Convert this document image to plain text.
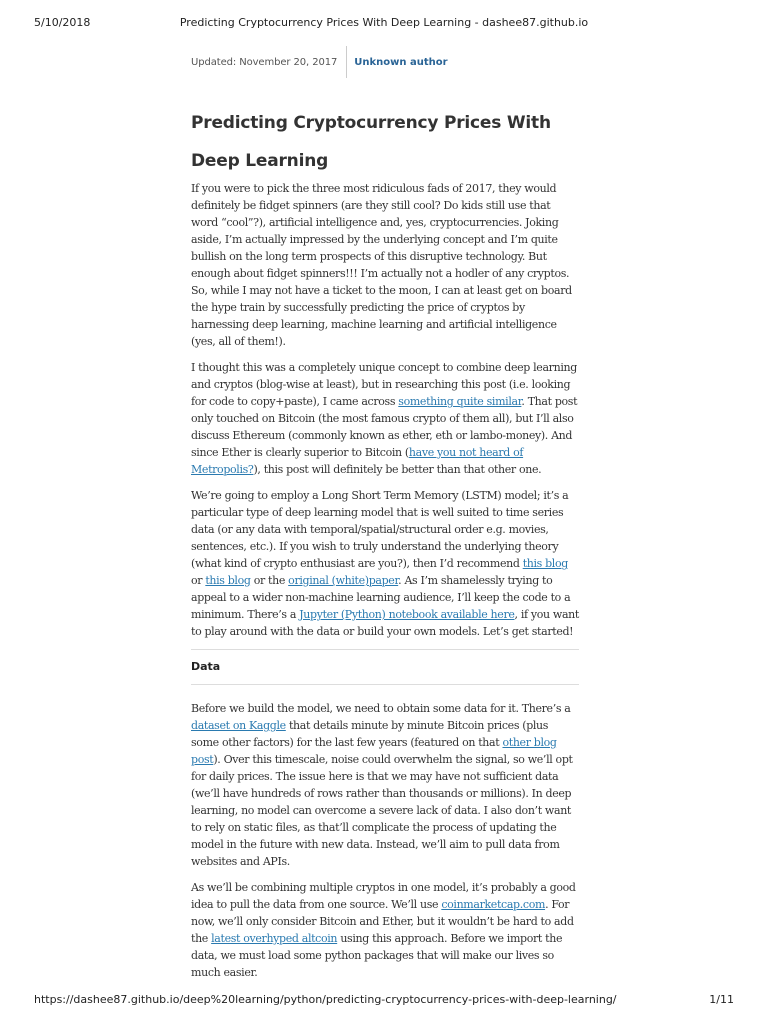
5/10/2018	Predicting Cryptocurrency Prices With Deep Learning - dashee87.github.io
Updated: November 20, 2017 Unknown author
Predicting Cryptocurrency Prices With Deep Learning

If you were to pick the three most ridiculous fads of 2017, they would definitely be fidget spinners (are they still cool? Do kids still use that word “cool”?), artificial intelligence and, yes, cryptocurrencies. Joking aside, I’m actually impressed by the underlying concept and I’m quite bullish on the long term prospects of this disruptive technology. But enough about fidget spinners!!! I’m actually not a hodler of any cryptos. So, while I may not have a ticket to the moon, I can at least get on board the hype train by successfully predicting the price of cryptos by harnessing deep learning, machine learning and artificial intelligence (yes, all of them!).

I thought this was a completely unique concept to combine deep learning and cryptos (blog-wise at least), but in researching this post (i.e. looking for code to copy+paste), I came across something quite similar. That post only touched on Bitcoin (the most famous crypto of them all), but I’ll also discuss Ethereum (commonly known as ether, eth or lambo-money). And since Ether is clearly superior to Bitcoin (have you not heard of Metropolis?), this post will definitely be better than that other one.

We’re going to employ a Long Short Term Memory (LSTM) model; it’s a particular type of deep learning model that is well suited to time series data (or any data with temporal/spatial/structural order e.g. movies, sentences, etc.). If you wish to truly understand the underlying theory (what kind of crypto enthusiast are you?), then I’d recommend this blog or this blog or the original (white)paper. As I’m shamelessly trying to appeal to a wider non-machine learning audience, I’ll keep the code to a minimum. There’s a Jupyter (Python) notebook available here, if you want to play around with the data or build your own models. Let’s get started!

Data

Before we build the model, we need to obtain some data for it. There’s a dataset on Kaggle that details minute by minute Bitcoin prices (plus some other factors) for the last few years (featured on that other blog post). Over this timescale, noise could overwhelm the signal, so we’ll opt for daily prices. The issue here is that we may have not sufficient data (we’ll have hundreds of rows rather than thousands or millions). In deep learning, no model can overcome a severe lack of data. I also don’t want to rely on static files, as that’ll complicate the process of updating the model in the future with new data. Instead, we’ll aim to pull data from websites and APIs.

As we’ll be combining multiple cryptos in one model, it’s probably a good idea to pull the data from one source. We’ll use coinmarketcap.com. For now, we’ll only consider Bitcoin and Ether, but it wouldn’t be hard to add the latest overhyped altcoin using this approach. Before we import the data, we must load some python packages that will make our lives so much easier.

https://dashee87.github.io/deep%20learning/python/predicting-cryptocurrency-prices-with-deep-learning/	1/11
